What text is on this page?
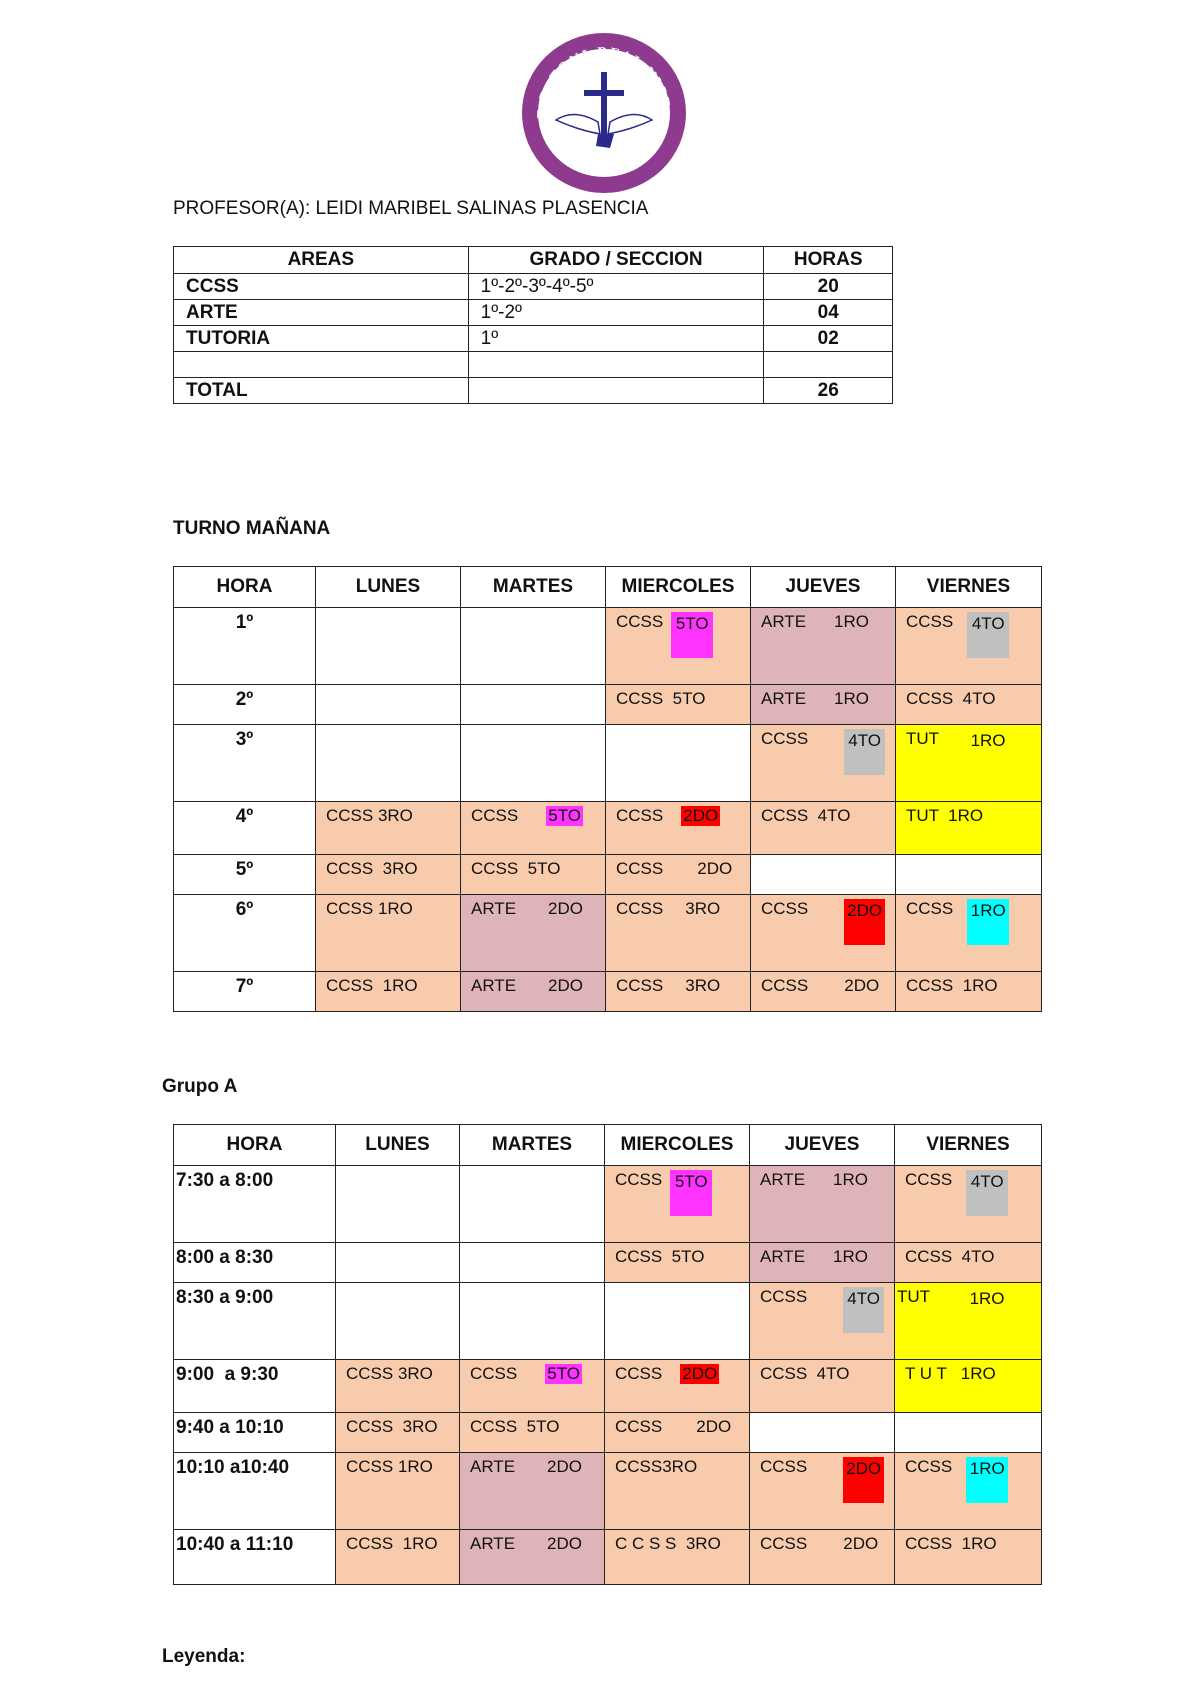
E.P. TONI REAL VICE
PAZ Y BIEN
PROFESOR(A): LEIDI MARIBEL SALINAS PLASENCIA
AREAS	GRADO / SECCION	HORAS
CCSS	1º-2º-3º-4º-5º	20
ARTE	1º-2º	04
TUTORIA	1º	02

TOTAL		26
TURNO MAÑANA
HORA	LUNES	MARTES	MIERCOLES	JUEVES	VIERNES
1º			CCSS 5TO	ARTE 1RO	CCSS 4TO

2º			CCSS  5TO	ARTE 1RO	CCSS  4TO

3º				CCSS 4TO	TUT 1RO

4º	CCSS 3RO	CCSS 5TO	CCSS 2DO	CCSS  4TO	TUT  1RO

5º	CCSS  3RO	CCSS  5TO	CCSS 2DO		

6º	CCSS 1RO	ARTE 2DO	CCSS 3RO	CCSS 2DO	CCSS 1RO

7º	CCSS  1RO	ARTE 2DO	CCSS 3RO	CCSS 2DO	CCSS  1RO
Grupo A
HORA	LUNES	MARTES	MIERCOLES	JUEVES	VIERNES
7:30 a 8:00			CCSS 5TO	ARTE 1RO	CCSS 4TO

8:00 a 8:30			CCSS  5TO	ARTE 1RO	CCSS  4TO

8:30 a 9:00				CCSS 4TO	TUT 1RO

9:00  a 9:30	CCSS 3RO	CCSS 5TO	CCSS 2DO	CCSS  4TO	T U T   1RO

9:40 a 10:10	CCSS  3RO	CCSS  5TO	CCSS 2DO		

10:10 a10:40	CCSS 1RO	ARTE 2DO	CCSS3RO	CCSS 2DO	CCSS 1RO

10:40 a 11:10	CCSS  1RO	ARTE 2DO	C C S S  3RO	CCSS 2DO	CCSS  1RO
Leyenda:
